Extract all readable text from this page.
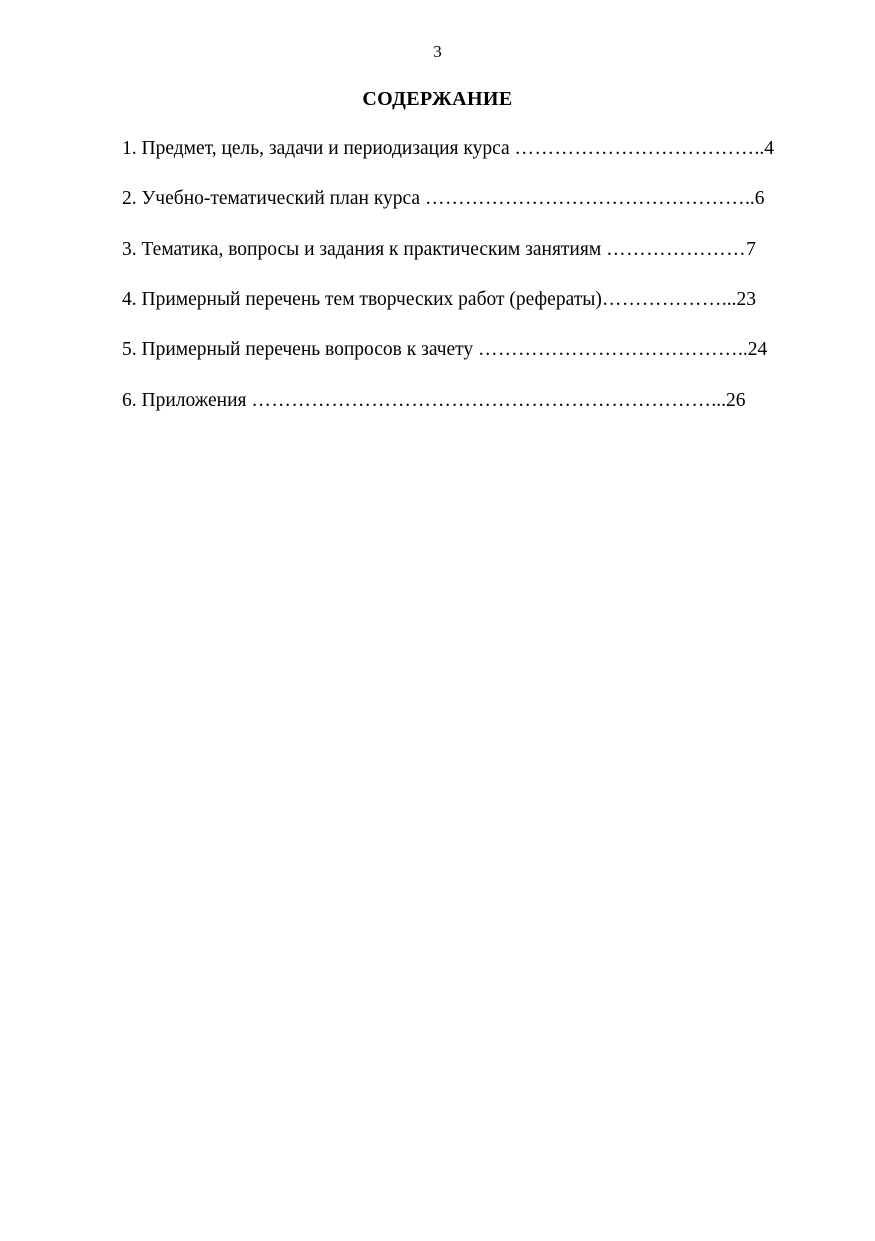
3
СОДЕРЖАНИЕ
1. Предмет, цель, задачи и периодизация курса ………………………………..4
2. Учебно-тематический план курса …………………………………………..6
3. Тематика, вопросы и задания к практическим занятиям …………………7
4. Примерный перечень тем творческих работ (рефераты)………………...23
5. Примерный перечень вопросов к зачету …………………………………..24
6. Приложения ……………………………………………………………...26
